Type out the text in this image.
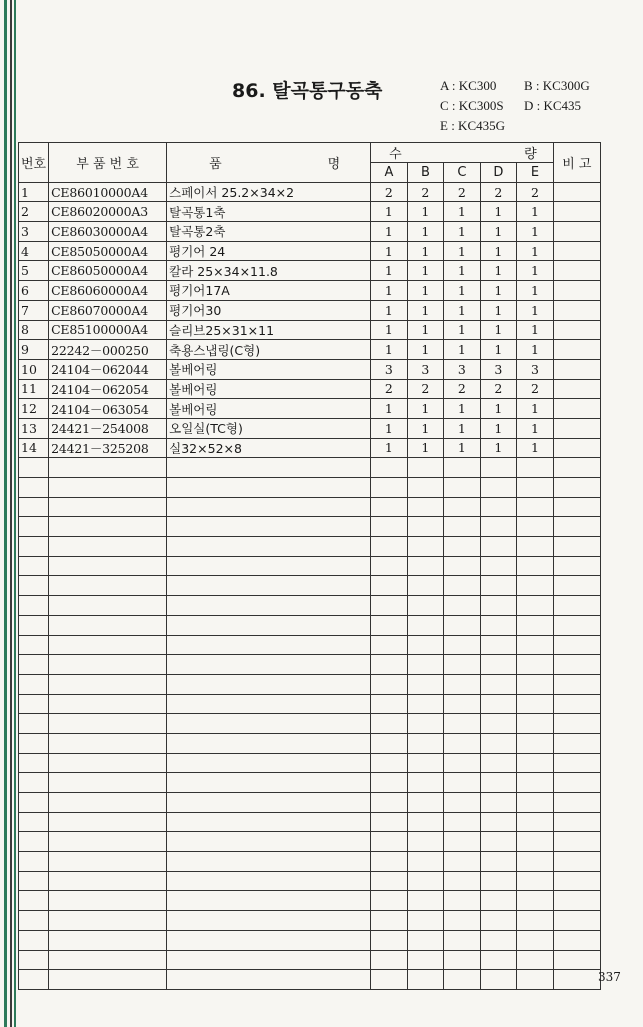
86. 탈곡통구동축	A : KC300 B : KC300G
C : KC300S D : KC435
E : KC435G
번호	부 품 번 호	품 명	수 량					비 고
			A	B	C	D	E	
1	CE86010000A4	스페이서 25.2×34×2	2	2	2	2	2	
2	CE86020000A3	탈곡통1축	1	1	1	1	1	
3	CE86030000A4	탈곡통2축	1	1	1	1	1	
4	CE85050000A4	평기어 24	1	1	1	1	1	
5	CE86050000A4	칼라 25×34×11.8	1	1	1	1	1	
6	CE86060000A4	평기어17A	1	1	1	1	1	
7	CE86070000A4	평기어30	1	1	1	1	1	
8	CE85100000A4	슬리브25×31×11	1	1	1	1	1	
9	22242－000250	축용스냅링(C형)	1	1	1	1	1	
10	24104－062044	볼베어링	3	3	3	3	3	
11	24104－062054	볼베어링	2	2	2	2	2	
12	24104－063054	볼베어링	1	1	1	1	1	
13	24421－254008	오일실(TC형)	1	1	1	1	1	
14	24421－325208	실32×52×8	1	1	1	1	1	

337
